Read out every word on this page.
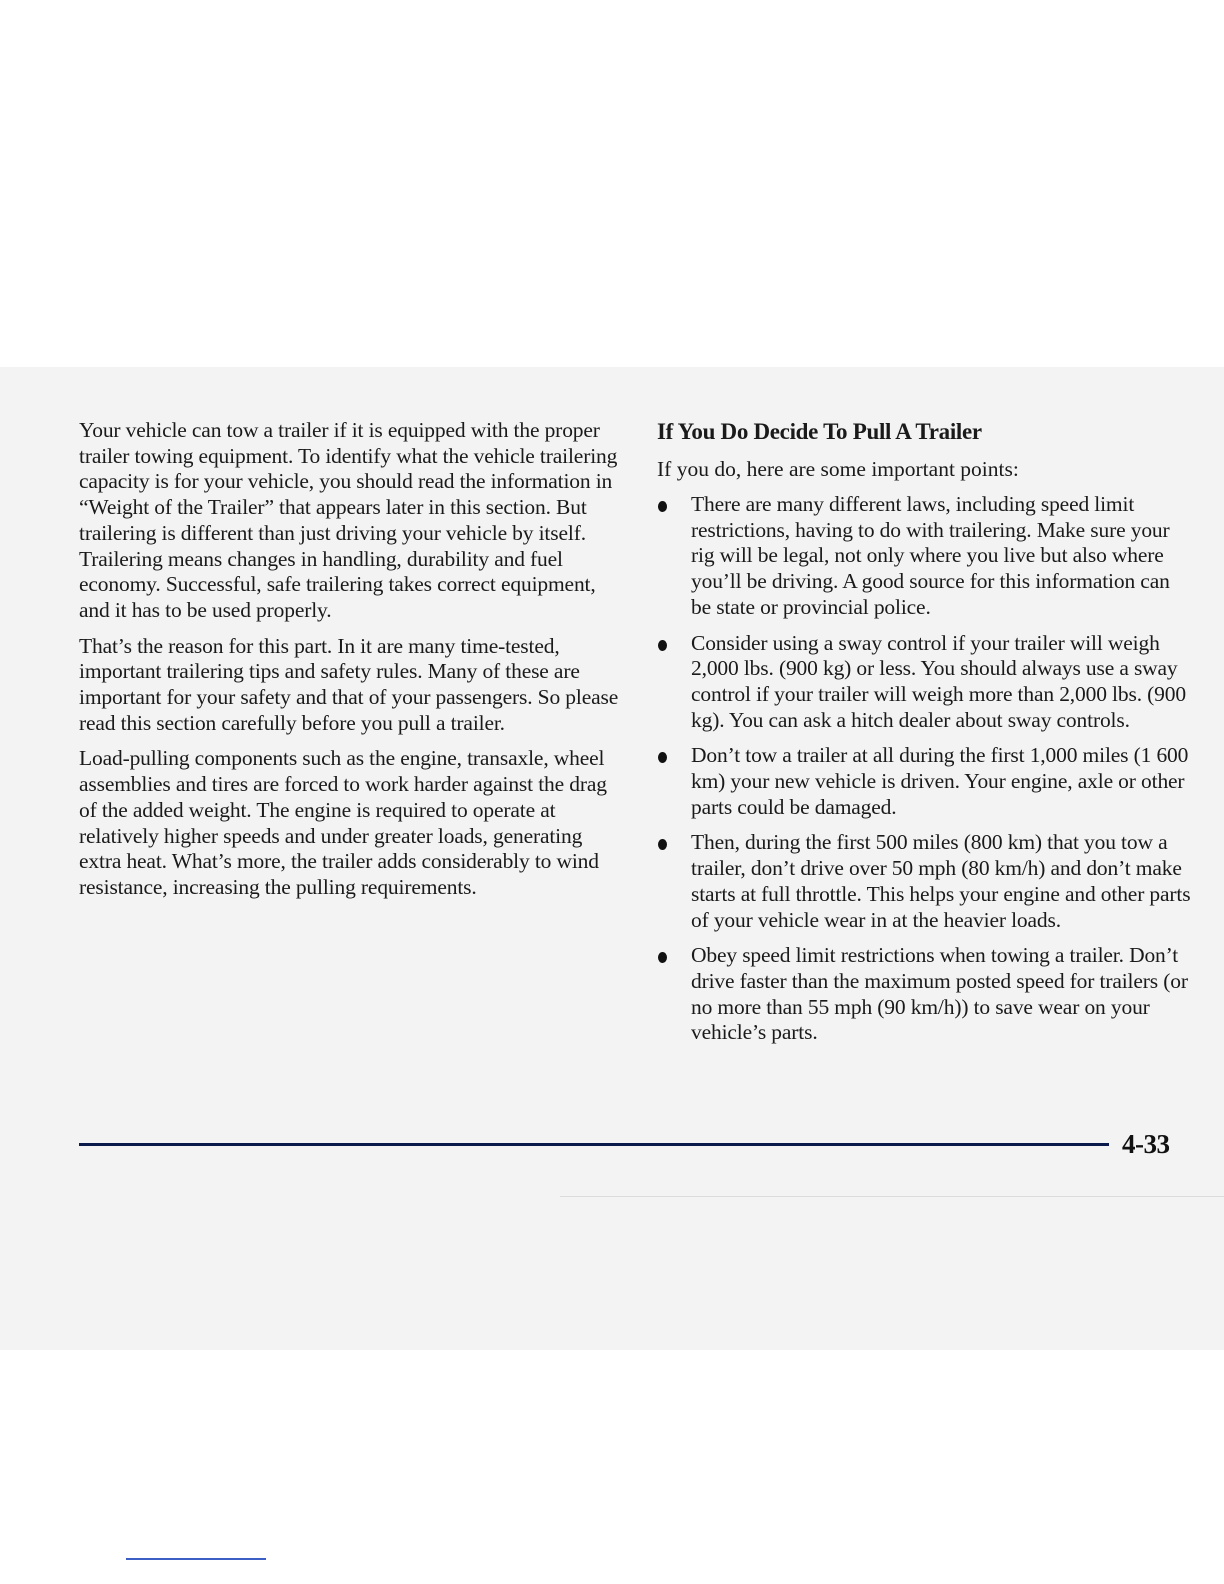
Your vehicle can tow a trailer if it is equipped with the proper trailer towing equipment. To identify what the vehicle trailering capacity is for your vehicle, you should read the information in “Weight of the Trailer” that appears later in this section. But trailering is different than just driving your vehicle by itself. Trailering means changes in handling, durability and fuel economy. Successful, safe trailering takes correct equipment, and it has to be used properly.

That’s the reason for this part. In it are many time-tested, important trailering tips and safety rules. Many of these are important for your safety and that of your passengers. So please read this section carefully before you pull a trailer.

Load-pulling components such as the engine, transaxle, wheel assemblies and tires are forced to work harder against the drag of the added weight. The engine is required to operate at relatively higher speeds and under greater loads, generating extra heat. What’s more, the trailer adds considerably to wind resistance, increasing the pulling requirements.

If You Do Decide To Pull A Trailer

If you do, here are some important points:

There are many different laws, including speed limit restrictions, having to do with trailering. Make sure your rig will be legal, not only where you live but also where you’ll be driving. A good source for this information can be state or provincial police.
Consider using a sway control if your trailer will weigh 2,000 lbs. (900 kg) or less. You should always use a sway control if your trailer will weigh more than 2,000 lbs. (900 kg). You can ask a hitch dealer about sway controls.
Don’t tow a trailer at all during the first 1,000 miles (1 600 km) your new vehicle is driven. Your engine, axle or other parts could be damaged.
Then, during the first 500 miles (800 km) that you tow a trailer, don’t drive over 50 mph (80 km/h) and don’t make starts at full throttle. This helps your engine and other parts of your vehicle wear in at the heavier loads.
Obey speed limit restrictions when towing a trailer. Don’t drive faster than the maximum posted speed for trailers (or no more than 55 mph (90 km/h)) to save wear on your vehicle’s parts.
4-33
